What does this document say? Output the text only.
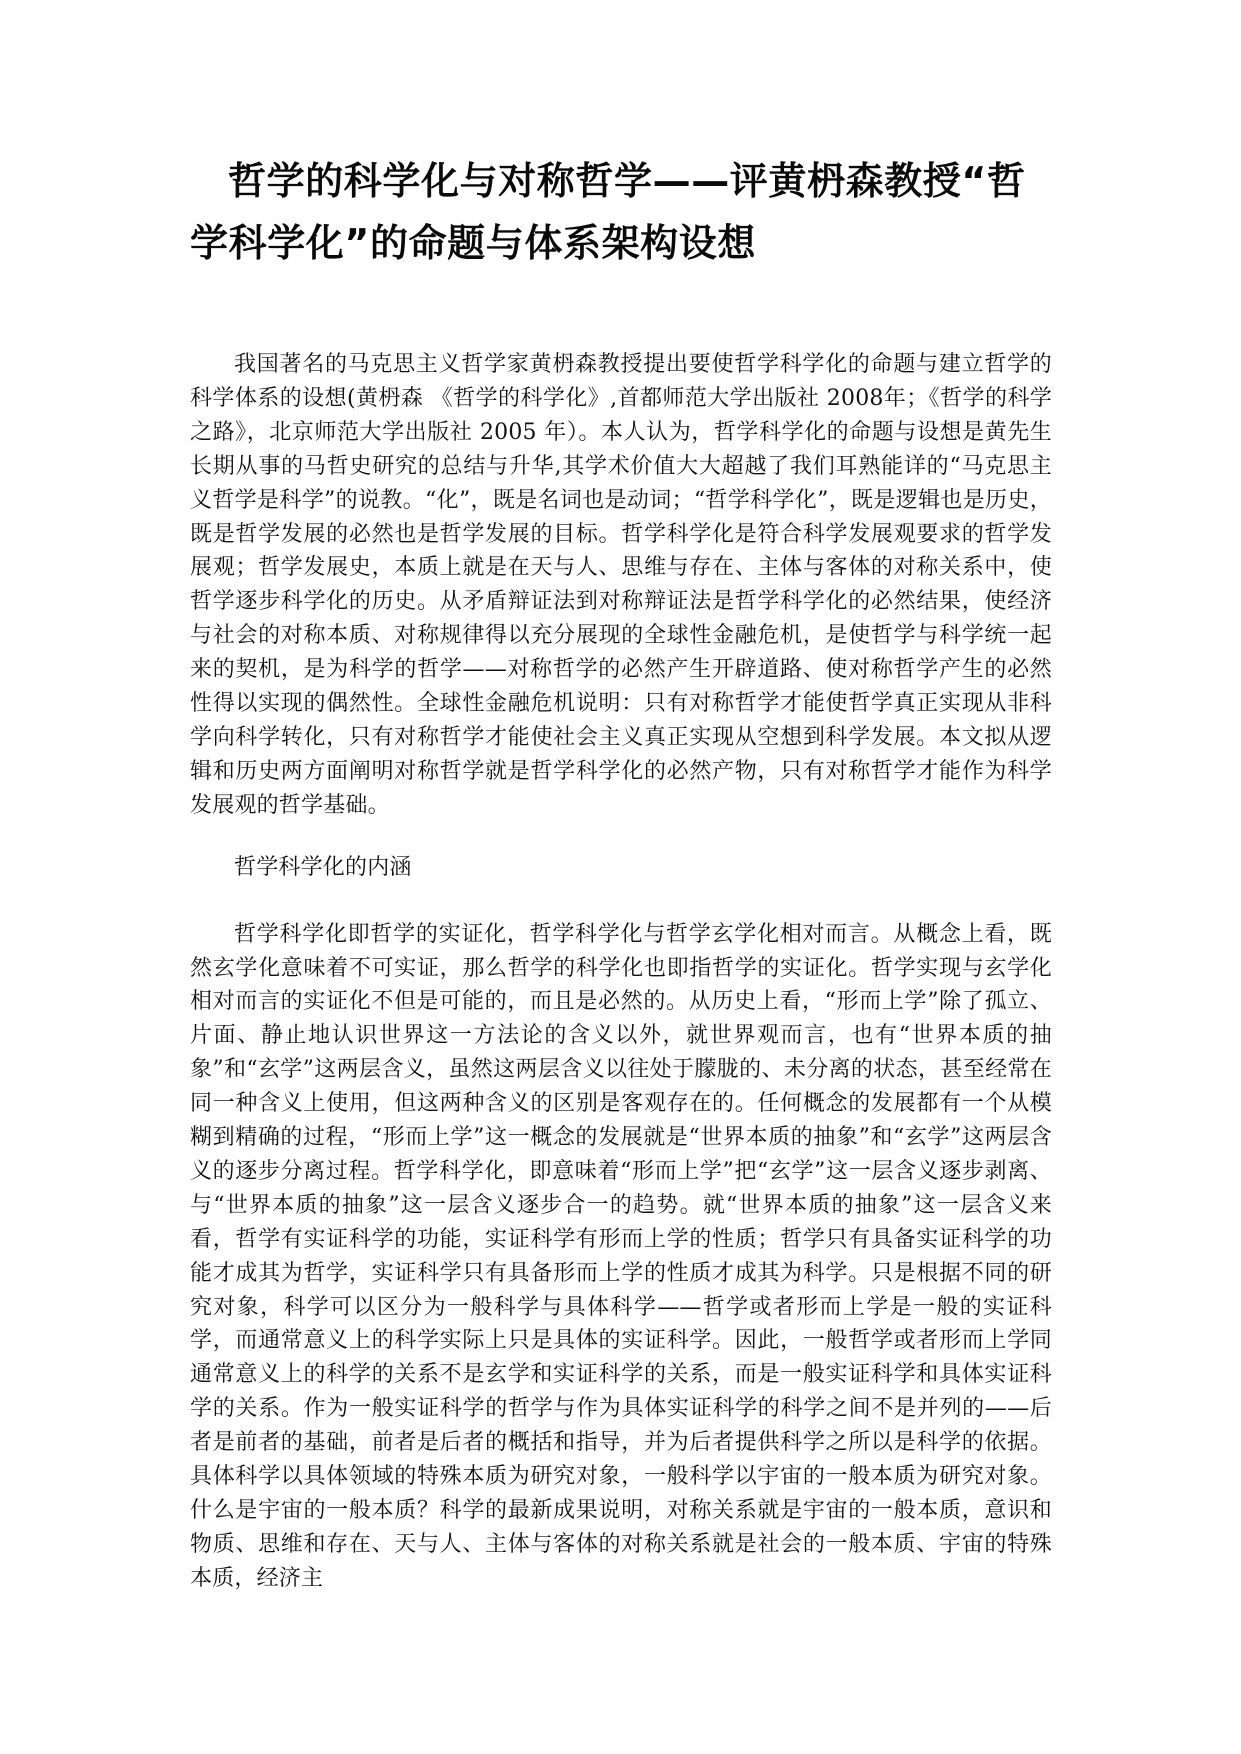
哲学的科学化与对称哲学——评黄枬森教授“哲学科学化”的命题与体系架构设想

我国著名的马克思主义哲学家黄枬森教授提出要使哲学科学化的命题与建立哲学的科学体系的设想(黄枬森 《哲学的科学化》,首都师范大学出版社 2008年；《哲学的科学之路》，北京师范大学出版社 2005 年）。本人认为，哲学科学化的命题与设想是黄先生长期从事的马哲史研究的总结与升华,其学术价值大大超越了我们耳熟能详的“马克思主义哲学是科学”的说教。“化”，既是名词也是动词；“哲学科学化”，既是逻辑也是历史，既是哲学发展的必然也是哲学发展的目标。哲学科学化是符合科学发展观要求的哲学发展观；哲学发展史，本质上就是在天与人、思维与存在、主体与客体的对称关系中，使哲学逐步科学化的历史。从矛盾辩证法到对称辩证法是哲学科学化的必然结果，使经济与社会的对称本质、对称规律得以充分展现的全球性金融危机，是使哲学与科学统一起来的契机，是为科学的哲学——对称哲学的必然产生开辟道路、使对称哲学产生的必然性得以实现的偶然性。全球性金融危机说明：只有对称哲学才能使哲学真正实现从非科学向科学转化，只有对称哲学才能使社会主义真正实现从空想到科学发展。本文拟从逻辑和历史两方面阐明对称哲学就是哲学科学化的必然产物，只有对称哲学才能作为科学发展观的哲学基础。

哲学科学化的内涵

哲学科学化即哲学的实证化，哲学科学化与哲学玄学化相对而言。从概念上看，既然玄学化意味着不可实证，那么哲学的科学化也即指哲学的实证化。哲学实现与玄学化相对而言的实证化不但是可能的，而且是必然的。从历史上看，“形而上学”除了孤立、片面、静止地认识世界这一方法论的含义以外，就世界观而言，也有“世界本质的抽象”和“玄学”这两层含义，虽然这两层含义以往处于朦胧的、未分离的状态，甚至经常在同一种含义上使用，但这两种含义的区别是客观存在的。任何概念的发展都有一个从模糊到精确的过程，“形而上学”这一概念的发展就是“世界本质的抽象”和“玄学”这两层含义的逐步分离过程。哲学科学化，即意味着“形而上学”把“玄学”这一层含义逐步剥离、与“世界本质的抽象”这一层含义逐步合一的趋势。就“世界本质的抽象”这一层含义来看，哲学有实证科学的功能，实证科学有形而上学的性质；哲学只有具备实证科学的功能才成其为哲学，实证科学只有具备形而上学的性质才成其为科学。只是根据不同的研究对象，科学可以区分为一般科学与具体科学——哲学或者形而上学是一般的实证科学，而通常意义上的科学实际上只是具体的实证科学。因此，一般哲学或者形而上学同通常意义上的科学的关系不是玄学和实证科学的关系，而是一般实证科学和具体实证科学的关系。作为一般实证科学的哲学与作为具体实证科学的科学之间不是并列的——后者是前者的基础，前者是后者的概括和指导，并为后者提供科学之所以是科学的依据。具体科学以具体领域的特殊本质为研究对象，一般科学以宇宙的一般本质为研究对象。什么是宇宙的一般本质？科学的最新成果说明，对称关系就是宇宙的一般本质，意识和物质、思维和存在、天与人、主体与客体的对称关系就是社会的一般本质、宇宙的特殊本质，经济主
